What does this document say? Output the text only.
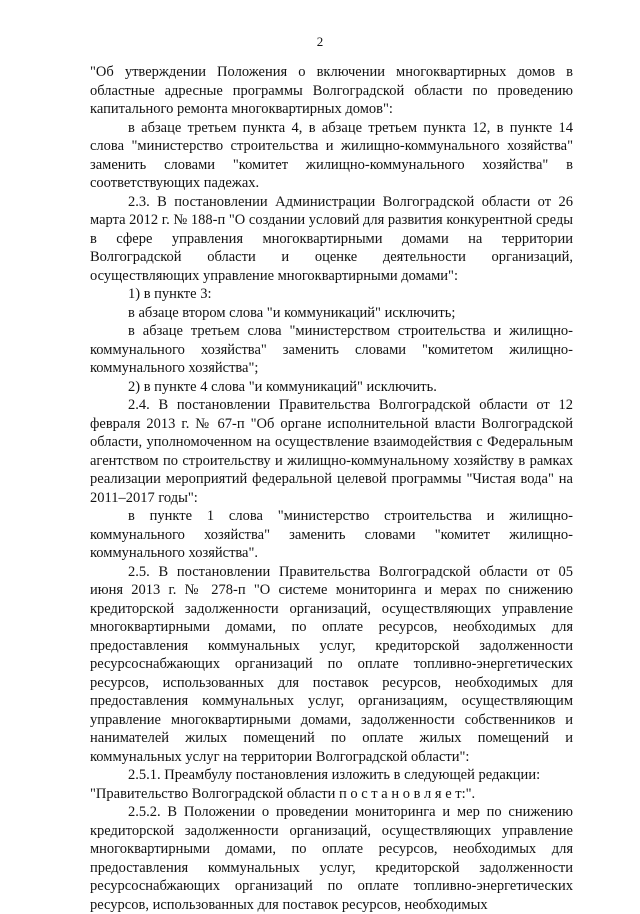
2

"Об утверждении Положения о включении многоквартирных домов в областные адресные программы Волгоградской области по проведению капитального ремонта многоквартирных домов":

в абзаце третьем пункта 4, в абзаце третьем пункта 12, в пункте 14 слова "министерство строительства и жилищно-коммунального хозяйства" заменить словами "комитет жилищно-коммунального хозяйства" в соответствующих падежах.

2.3. В постановлении Администрации Волгоградской области от 26 марта 2012 г. № 188-п "О создании условий для развития конкурентной среды в сфере управления многоквартирными домами на территории Волгоградской области и оценке деятельности организаций, осуществляющих управление многоквартирными домами":

1) в пункте 3:

в абзаце втором слова "и коммуникаций" исключить;

в абзаце третьем слова "министерством строительства и жилищно-коммунального хозяйства" заменить словами "комитетом жилищно-коммунального хозяйства";

2) в пункте 4 слова "и коммуникаций" исключить.

2.4. В постановлении Правительства Волгоградской области от 12 февраля 2013 г. № 67-п "Об органе исполнительной власти Волгоградской области, уполномоченном на осуществление взаимодействия с Федеральным агентством по строительству и жилищно-коммунальному хозяйству в рамках реализации мероприятий федеральной целевой программы "Чистая вода" на 2011–2017 годы":

в пункте 1 слова "министерство строительства и жилищно-коммунального хозяйства" заменить словами "комитет жилищно-коммунального хозяйства".

2.5. В постановлении Правительства Волгоградской области от 05 июня 2013 г. № 278-п "О системе мониторинга и мерах по снижению кредиторской задолженности организаций, осуществляющих управление многоквартирными домами, по оплате ресурсов, необходимых для предоставления коммунальных услуг, кредиторской задолженности ресурсоснабжающих организаций по оплате топливно-энергетических ресурсов, использованных для поставок ресурсов, необходимых для предоставления коммунальных услуг, организациям, осуществляющим управление многоквартирными домами, задолженности собственников и нанимателей жилых помещений по оплате жилых помещений и коммунальных услуг на территории Волгоградской области":

2.5.1. Преамбулу постановления изложить в следующей редакции:

"Правительство Волгоградской области п о с т а н о в л я е т:".

2.5.2. В Положении о проведении мониторинга и мер по снижению кредиторской задолженности организаций, осуществляющих управление многоквартирными домами, по оплате ресурсов, необходимых для предоставления коммунальных услуг, кредиторской задолженности ресурсоснабжающих организаций по оплате топливно-энергетических ресурсов, использованных для поставок ресурсов, необходимых
